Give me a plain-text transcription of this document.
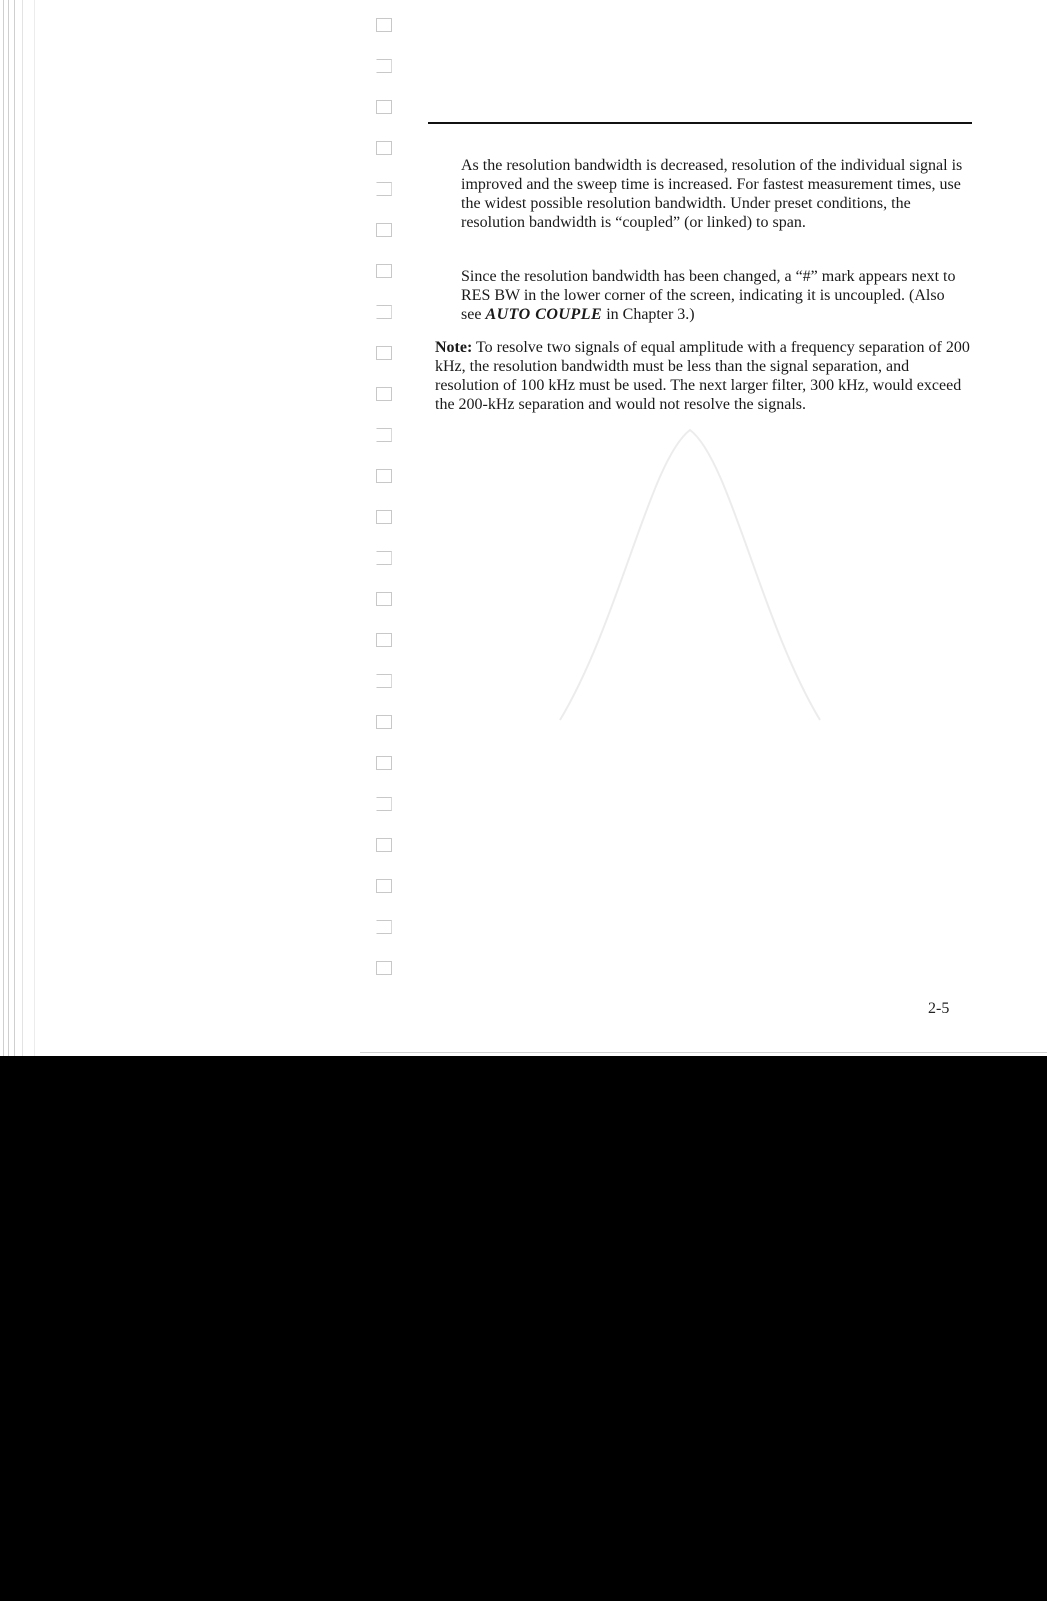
As the resolution bandwidth is decreased, resolution of the individual signal is improved and the sweep time is increased. For fastest measurement times, use the widest possible resolution bandwidth. Under preset conditions, the resolution bandwidth is “coupled” (or linked) to span.

Since the resolution bandwidth has been changed, a “#” mark appears next to RES BW in the lower corner of the screen, indicating it is uncoupled. (Also see AUTO COUPLE in Chapter 3.)

Note: To resolve two signals of equal amplitude with a frequency separation of 200 kHz, the resolution bandwidth must be less than the signal separation, and resolution of 100 kHz must be used. The next larger filter, 300 kHz, would exceed the 200-kHz separation and would not resolve the signals.

2-5
